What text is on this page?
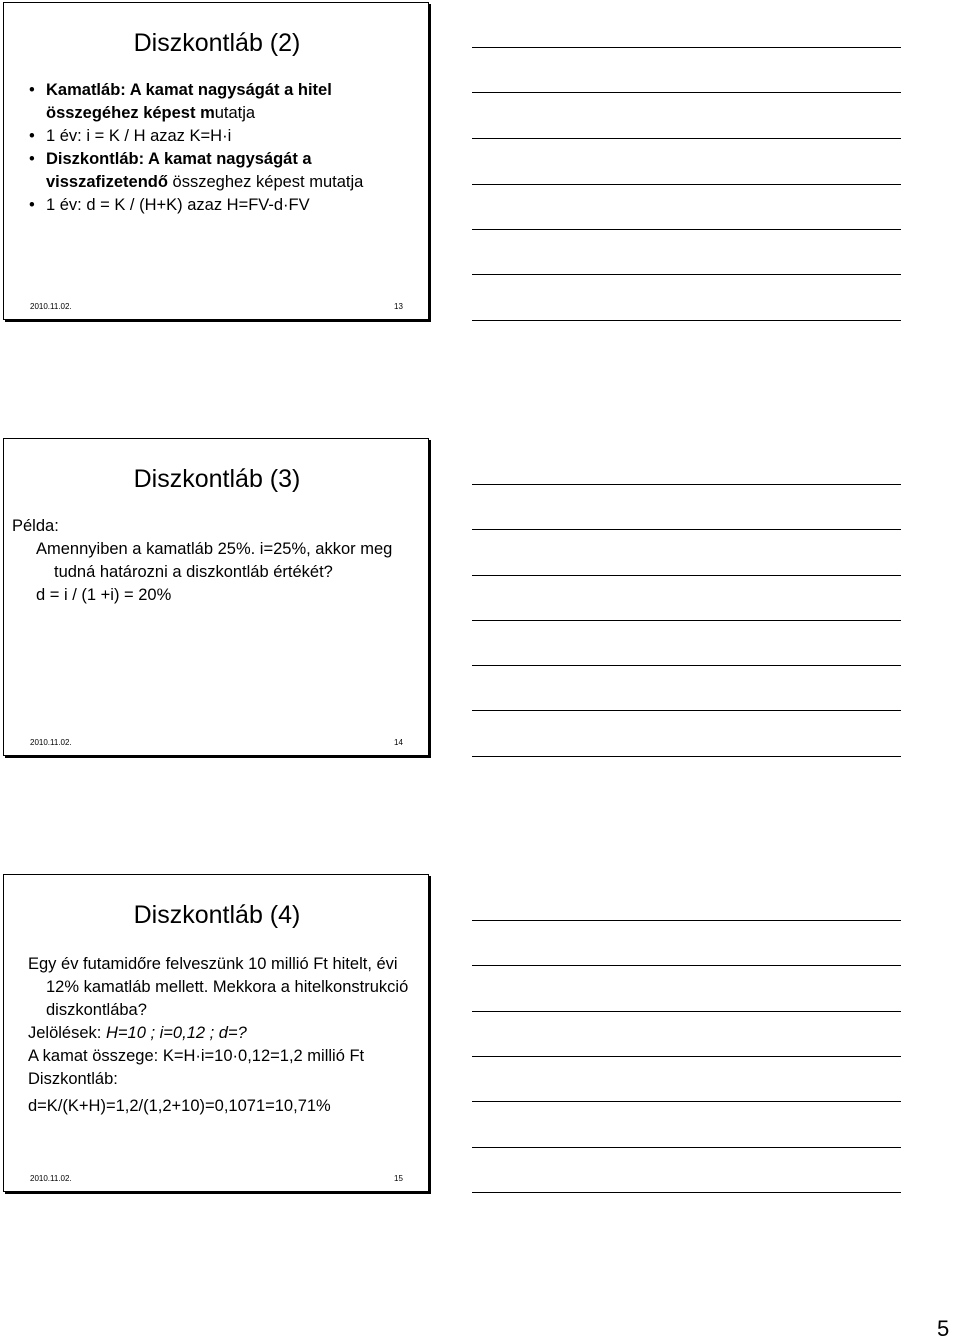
Diszkontláb (2)
• Kamatláb: A kamat nagyságát a hitel összegéhez képest mutatja
• 1 év: i = K / H azaz K=H·i
• Diszkontláb: A kamat nagyságát a visszafizetendő összeghez képest mutatja
• 1 év: d = K / (H+K) azaz H=FV-d·FV
2010.11.02.	13
Diszkontláb (3)

Példa:

Amennyiben a kamatláb 25%. i=25%, akkor meg tudná határozni a diszkontláb értékét?

d = i / (1 +i) = 20%

2010.11.02.	14
Diszkontláb (4)

Egy év futamidőre felveszünk 10 millió Ft hitelt, évi 12% kamatláb mellett. Mekkora a hitelkonstrukció diszkontlába?

Jelölések: H=10 ; i=0,12 ; d=?

A kamat összege: K=H·i=10·0,12=1,2 millió Ft

Diszkontláb:

d=K/(K+H)=1,2/(1,2+10)=0,1071=10,71%

2010.11.02.	15
5
